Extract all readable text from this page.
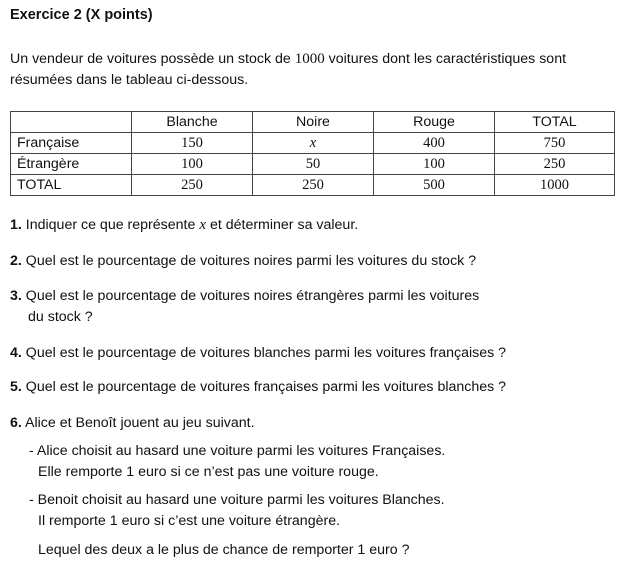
Exercice 2 (X points)
Un vendeur de voitures possède un stock de 1000 voitures dont les caractéristiques sont résumées dans le tableau ci-dessous.
	Blanche	Noire	Rouge	TOTAL
Française	150	x	400	750
Étrangère	100	50	100	250
TOTAL	250	250	500	1000
1. Indiquer ce que représente x et déterminer sa valeur.
2. Quel est le pourcentage de voitures noires parmi les voitures du stock ?
3. Quel est le pourcentage de voitures noires étrangères parmi les voitures
du stock ?
4. Quel est le pourcentage de voitures blanches parmi les voitures françaises ?
5. Quel est le pourcentage de voitures françaises parmi les voitures blanches ?
6. Alice et Benoît jouent au jeu suivant.
- Alice choisit au hasard une voiture parmi les voitures Françaises.
Elle remporte 1 euro si ce n’est pas une voiture rouge.
- Benoit choisit au hasard une voiture parmi les voitures Blanches.
Il remporte 1 euro si c’est une voiture étrangère.
Lequel des deux a le plus de chance de remporter 1 euro ?
